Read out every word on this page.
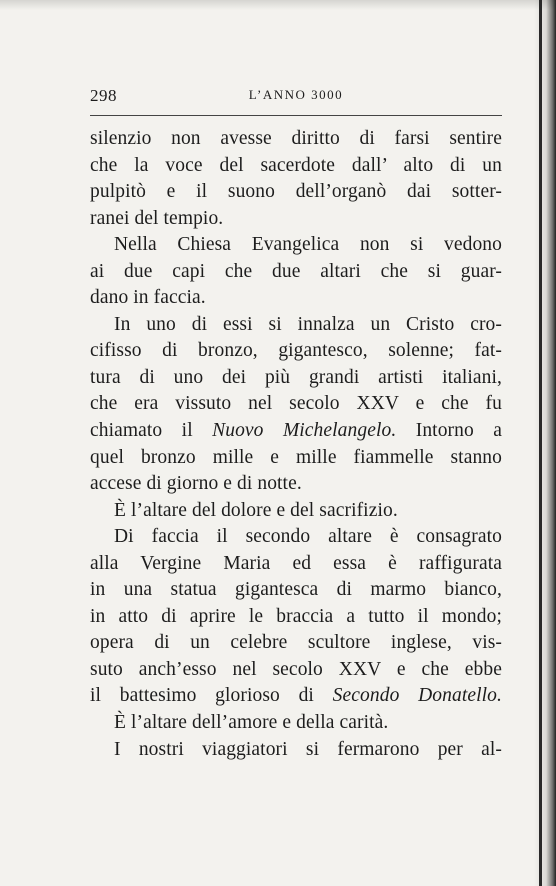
298	L’ANNO 3000
silenzio non avesse diritto di farsi sentire
che la voce del sacerdote dall’ alto di un
pulpitò e il suono dell’organò dai sotter-
ranei del tempio.
Nella Chiesa Evangelica non si vedono
ai due capi che due altari che si guar-
dano in faccia.
In uno di essi si innalza un Cristo cro-
cifisso di bronzo, gigantesco, solenne; fat-
tura di uno dei più grandi artisti italiani,
che era vissuto nel secolo XXV e che fu
chiamato il Nuovo Michelangelo. Intorno a
quel bronzo mille e mille fiammelle stanno
accese di giorno e di notte.
È l’altare del dolore e del sacrifizio.
Di faccia il secondo altare è consagrato
alla Vergine Maria ed essa è raffigurata
in una statua gigantesca di marmo bianco,
in atto di aprire le braccia a tutto il mondo;
opera di un celebre scultore inglese, vis-
suto anch’esso nel secolo XXV e che ebbe
il battesimo glorioso di Secondo Donatello.
È l’altare dell’amore e della carità.
I nostri viaggiatori si fermarono per al-
